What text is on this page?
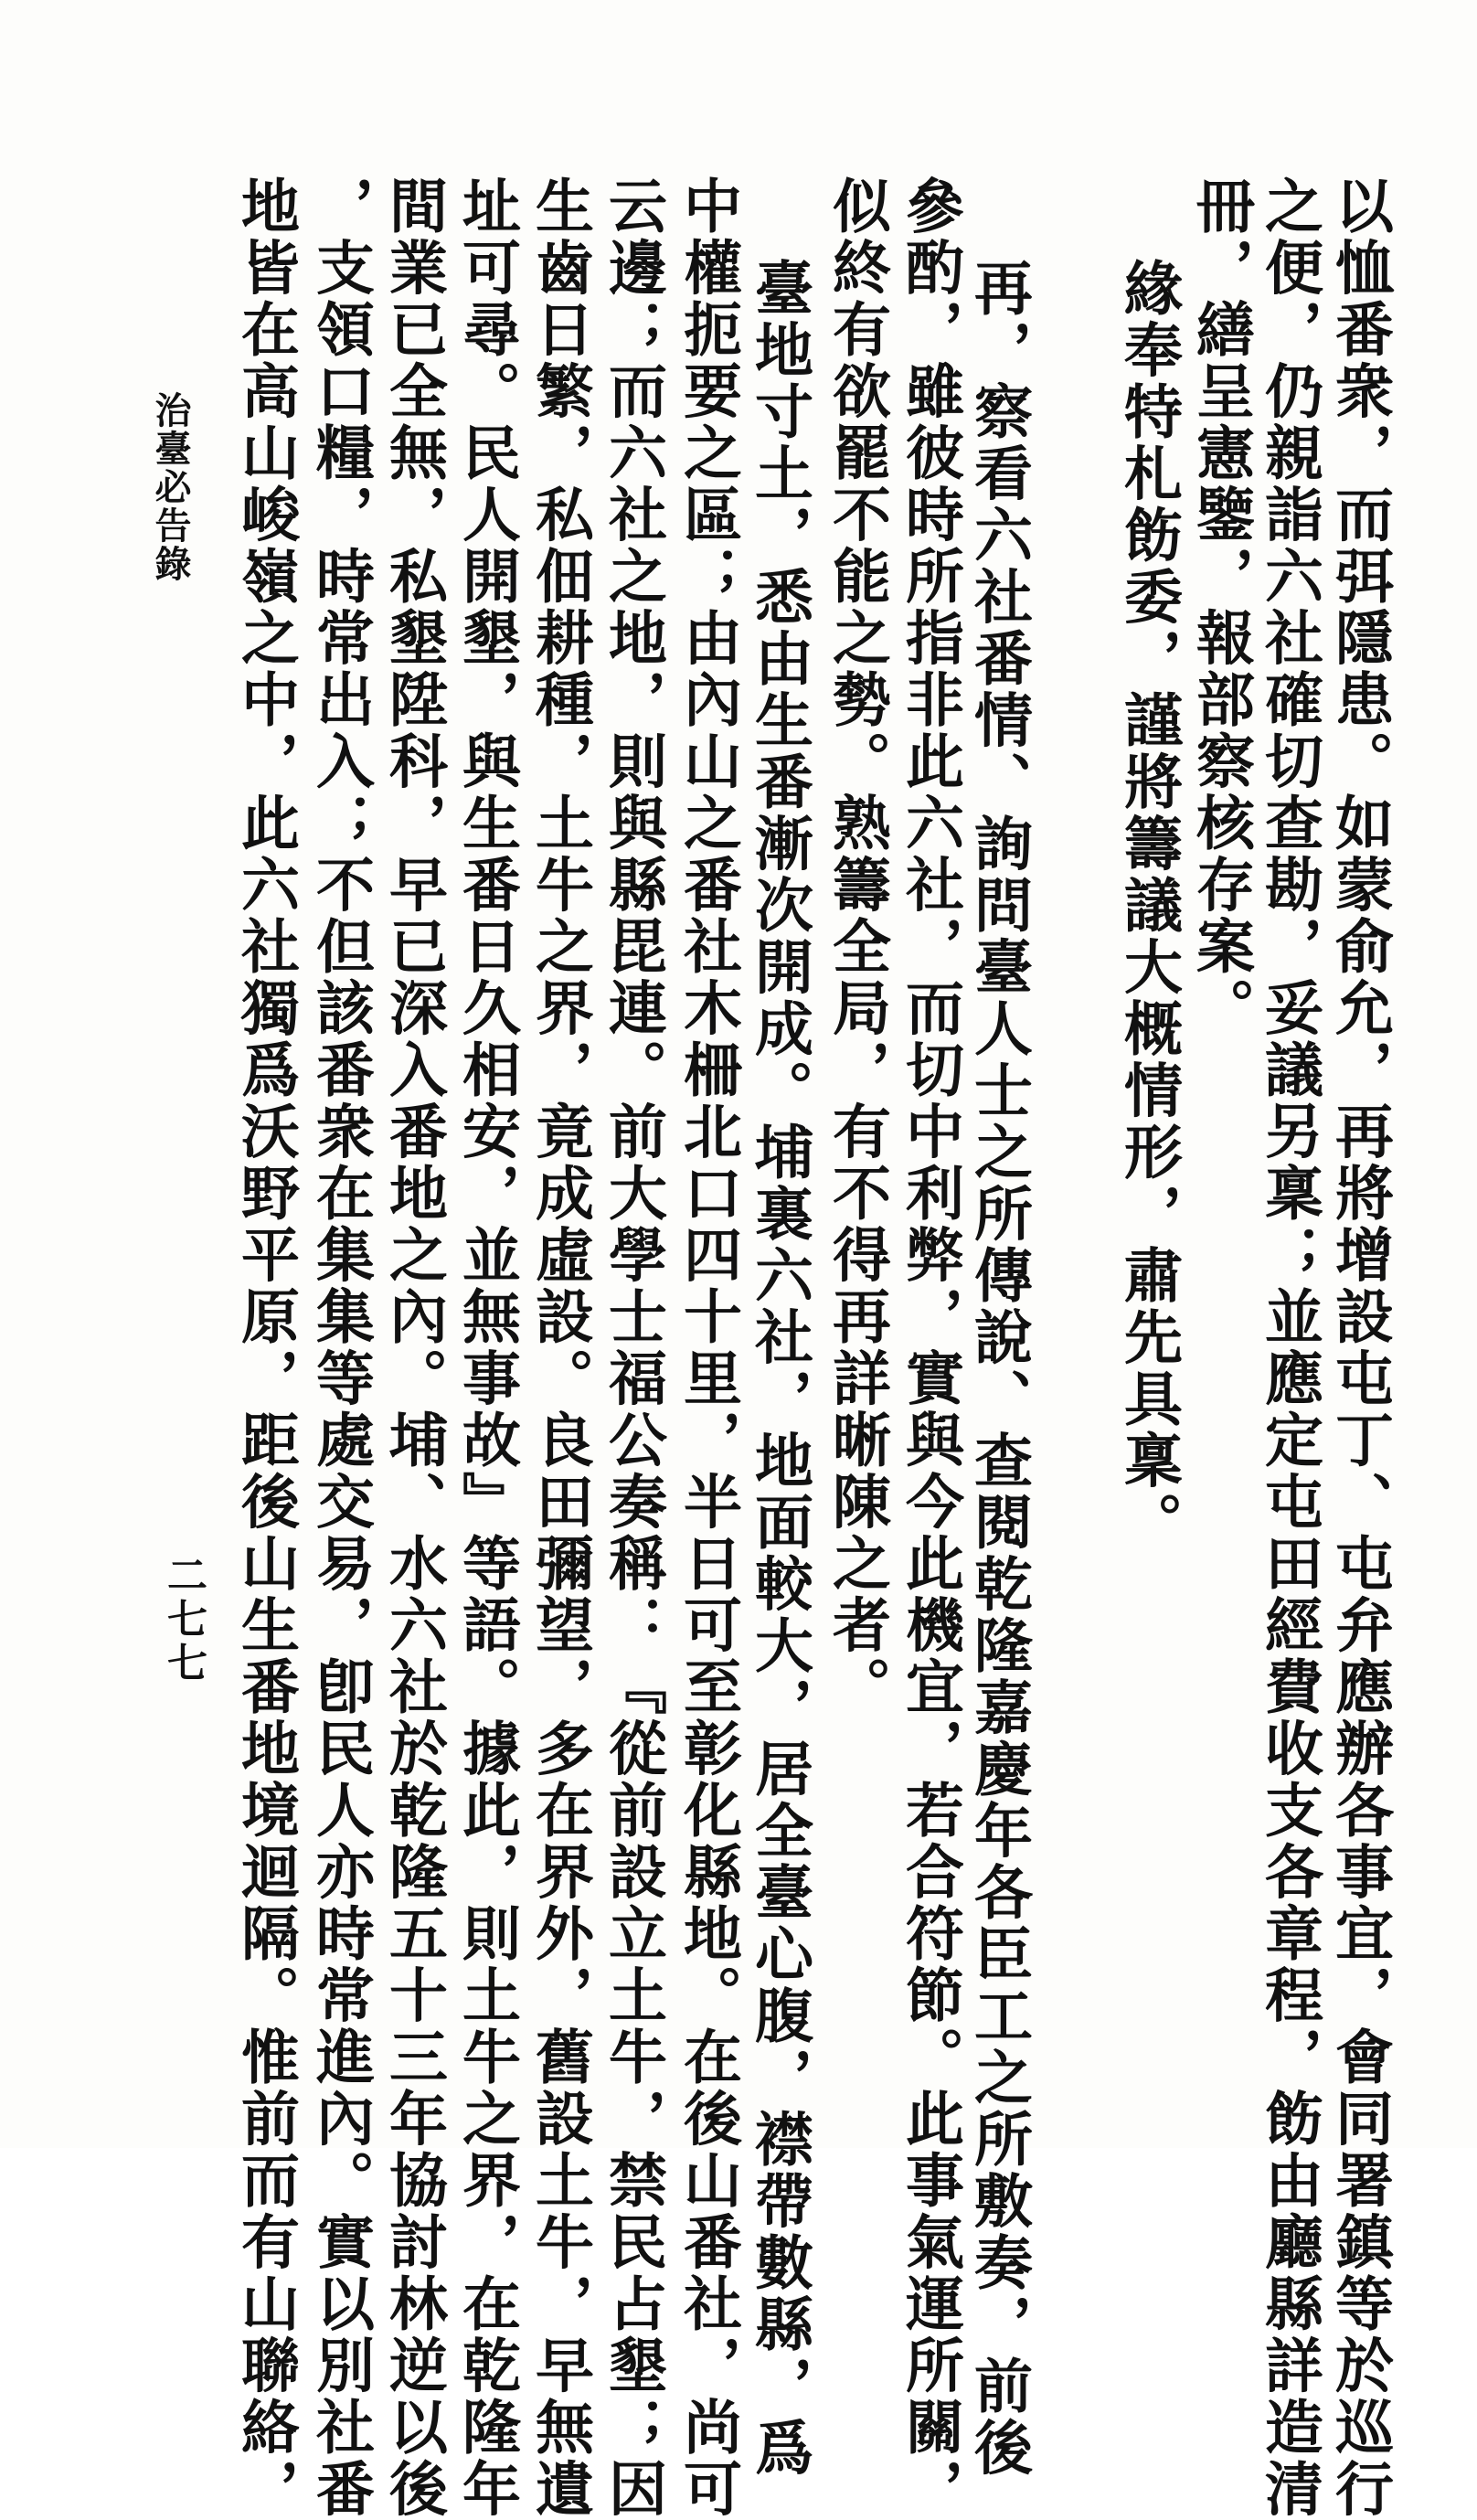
以恤番衆，而弭隱患。如蒙俞允，再將增設屯丁、屯弁應辦各事宜，會同署鎮等於巡行
之便，仍親詣六社確切查勘，妥議另稟；並應定屯田經費收支各章程，飭由廳縣詳造清
冊，繕呈憲鑒，報部察核存案。
緣奉特札飭委，謹將籌議大概情形，肅先具稟。
再，察看六社番情、詢問臺人士之所傳說、查閱乾隆嘉慶年各臣工之所敷奏，前後
參酌，雖彼時所指非此六社，而切中利弊，實與今此機宜，若合符節。此事氣運所關，
似終有欲罷不能之勢。熟籌全局，有不得再詳晰陳之者。
臺地寸土，悉由生番漸次開成。埔裏六社，地面較大，居全臺心腹，襟帶數縣，爲
中權扼要之區；由內山之番社木柵北口四十里，半日可至彰化縣地。在後山番社，尚可
云邊；而六社之地，則與縣毘連。前大學士福公奏稱：『從前設立土牛，禁民占墾；因
生齒日繁，私佃耕種，土牛之界，竟成虛設。良田彌望，多在界外，舊設土牛，早無遺
址可尋。民人開墾，與生番日久相安，並無事故』等語。據此，則土牛之界，在乾隆年
間業已全無，私墾陞科，早已深入番地之內。埔、水六社於乾隆五十三年協討林逆以後
，支領口糧，時常出入；不但該番衆在集集等處交易，卽民人亦時常進內。實以別社番
地皆在高山峻嶺之中，此六社獨爲沃野平原，距後山生番地境迴隔。惟前而有山聯絡，
治臺必告錄
二七七
